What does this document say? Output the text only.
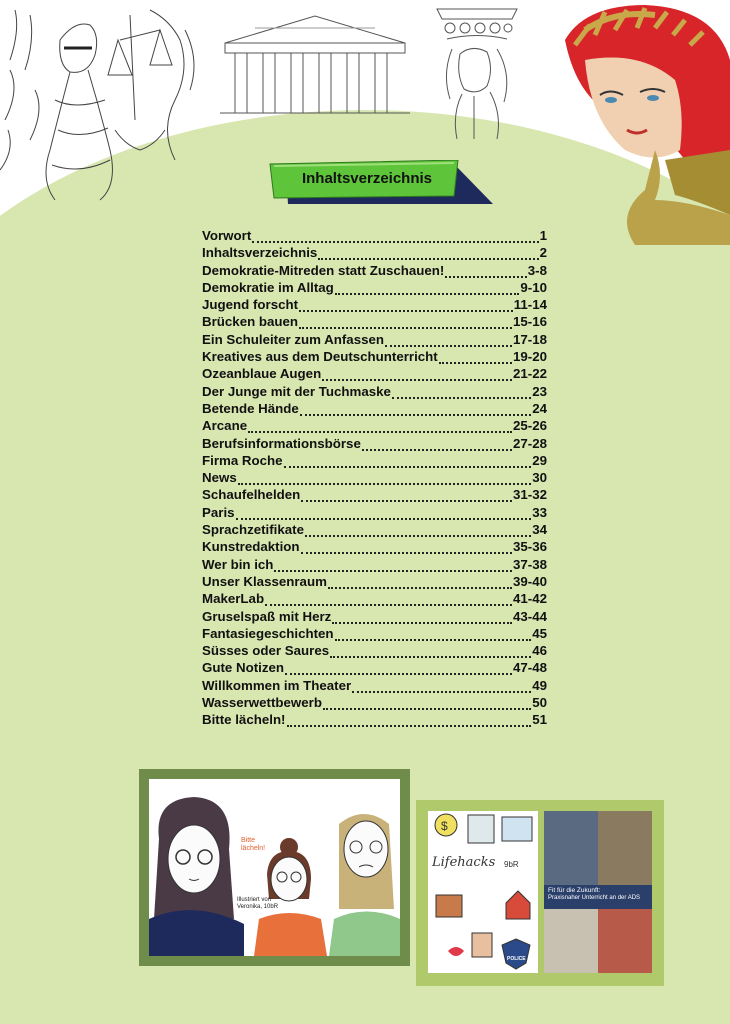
Inhaltsverzeichnis
Vorwort	1
Inhaltsverzeichnis	2
Demokratie-Mitreden statt Zuschauen!	3-8
Demokratie im Alltag	9-10
Jugend forscht	11-14
Brücken bauen	15-16
Ein Schuleiter zum Anfassen	17-18
Kreatives aus dem Deutschunterricht	19-20
Ozeanblaue Augen	21-22
Der Junge mit der Tuchmaske	23
Betende Hände	24
Arcane	25-26
Berufsinformationsbörse	27-28
Firma Roche	29
News	30
Schaufelhelden	31-32
Paris	33
Sprachzetifikate	34
Kunstredaktion	35-36
Wer bin ich	37-38
Unser Klassenraum	39-40
MakerLab	41-42
Gruselspaß mit Herz	43-44
Fantasiegeschichten	45
Süsses oder Saures	46
Gute Notizen	47-48
Willkommen im Theater	49
Wasserwettbewerb	50
Bitte lächeln!	51
Bitte
lächeln!
Illustriert von
Veronika, 10bR
$
Lifehacks 9bR
POLICE
Fit für die Zukunft:
Praxisnaher Unterricht an der ADS
